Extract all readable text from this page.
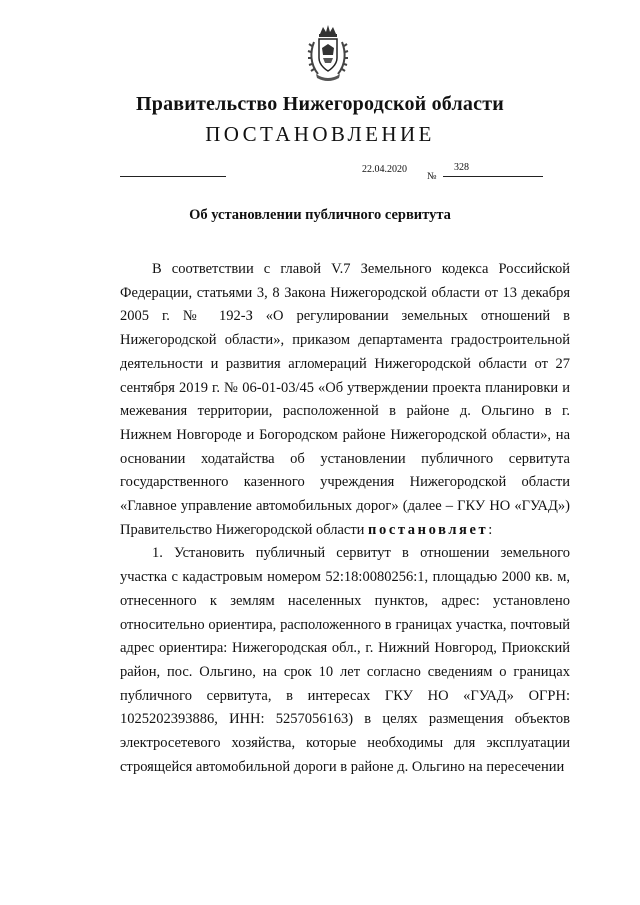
Правительство Нижегородской области
ПОСТАНОВЛЕНИЕ
22.04.2020
№
328
Об установлении публичного сервитута

В соответствии с главой V.7 Земельного кодекса Российской Федерации, статьями 3, 8 Закона Нижегородской области от 13 декабря 2005 г. № 192-З «О регулировании земельных отношений в Нижегородской области», приказом департамента градостроительной деятельности и развития агломераций Нижегородской области от 27 сентября 2019 г. № 06-01-03/45 «Об утверждении проекта планировки и межевания территории, расположенной в районе д. Ольгино в г. Нижнем Новгороде и Богородском районе Нижегородской области», на основании ходатайства об установлении публичного сервитута государственного казенного учреждения Нижегородской области «Главное управление автомобильных дорог» (далее – ГКУ НО «ГУАД») Правительство Нижегородской области постановляет:

1. Установить публичный сервитут в отношении земельного участка с кадастровым номером 52:18:0080256:1, площадью 2000 кв. м, отнесенного к землям населенных пунктов, адрес: установлено относительно ориентира, расположенного в границах участка, почтовый адрес ориентира: Нижегородская обл., г. Нижний Новгород, Приокский район, пос. Ольгино, на срок 10 лет согласно сведениям о границах публичного сервитута, в интересах ГКУ НО «ГУАД» ОГРН: 1025202393886, ИНН: 5257056163) в целях размещения объектов электросетевого хозяйства, которые необходимы для эксплуатации строящейся автомобильной дороги в районе д. Ольгино на пересечении
